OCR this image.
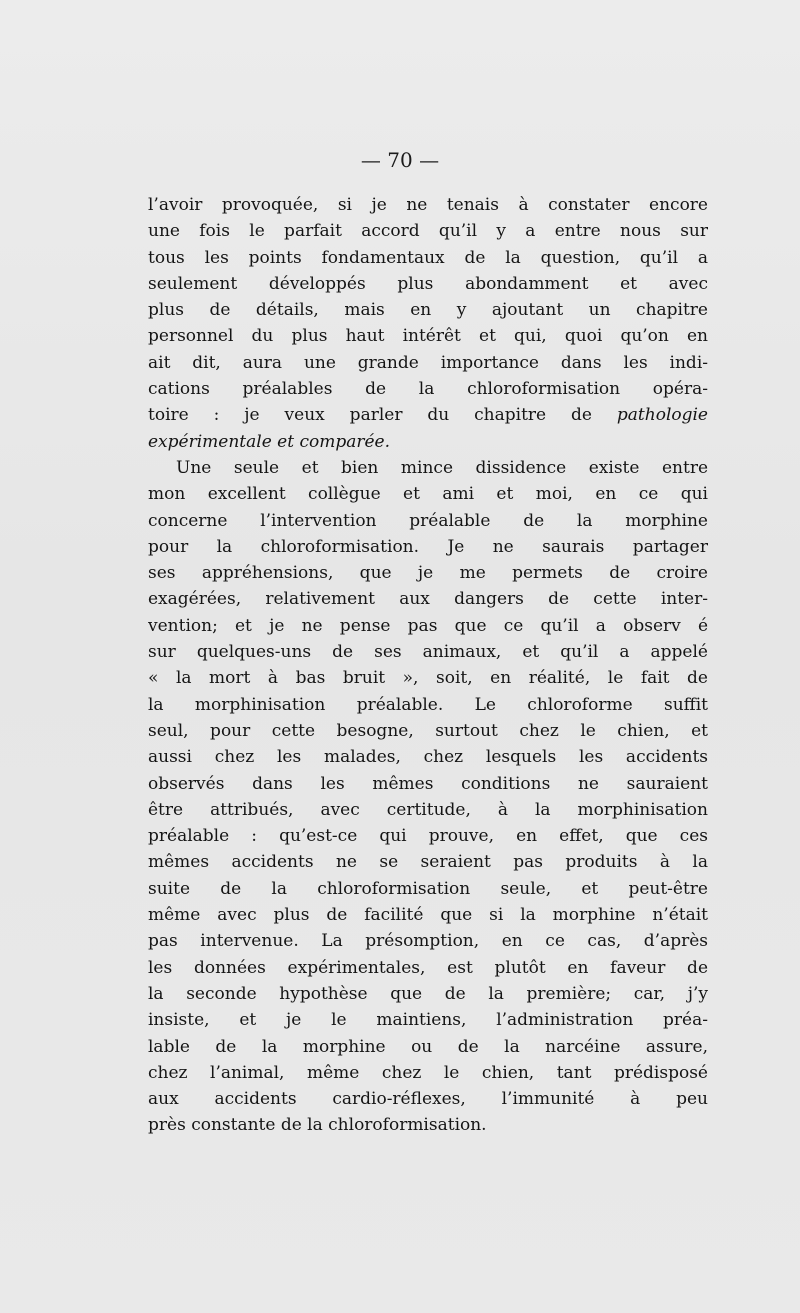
— 70 —
l’avoir provoquée, si je ne tenais à constater encore
une fois le parfait accord qu’il y a entre nous sur
tous les points fondamentaux de la question, qu’il a
seulement développés plus abondamment et avec
plus de détails, mais en y ajoutant un chapitre
personnel du plus haut intérêt et qui, quoi qu’on en
ait dit, aura une grande importance dans les indi-
cations préalables de la chloroformisation opéra-
toire : je veux parler du chapitre de pathologie
expérimentale et comparée.
Une seule et bien mince dissidence existe entre
mon excellent collègue et ami et moi, en ce qui
concerne l’intervention préalable de la morphine
pour la chloroformisation. Je ne saurais partager
ses appréhensions, que je me permets de croire
exagérées, relativement aux dangers de cette inter-
vention; et je ne pense pas que ce qu’il a observ é
sur quelques-uns de ses animaux, et qu’il a appelé
« la mort à bas bruit », soit, en réalité, le fait de
la morphinisation préalable. Le chloroforme suffit
seul, pour cette besogne, surtout chez le chien, et
aussi chez les malades, chez lesquels les accidents
observés dans les mêmes conditions ne sauraient
être attribués, avec certitude, à la morphinisation
préalable : qu’est-ce qui prouve, en effet, que ces
mêmes accidents ne se seraient pas produits à la
suite de la chloroformisation seule, et peut-être
même avec plus de facilité que si la morphine n’était
pas intervenue. La présomption, en ce cas, d’après
les données expérimentales, est plutôt en faveur de
la seconde hypothèse que de la première; car, j’y
insiste, et je le maintiens, l’administration préa-
lable de la morphine ou de la narcéine assure,
chez l’animal, même chez le chien, tant prédisposé
aux accidents cardio-réflexes, l’immunité à peu
près constante de la chloroformisation.
